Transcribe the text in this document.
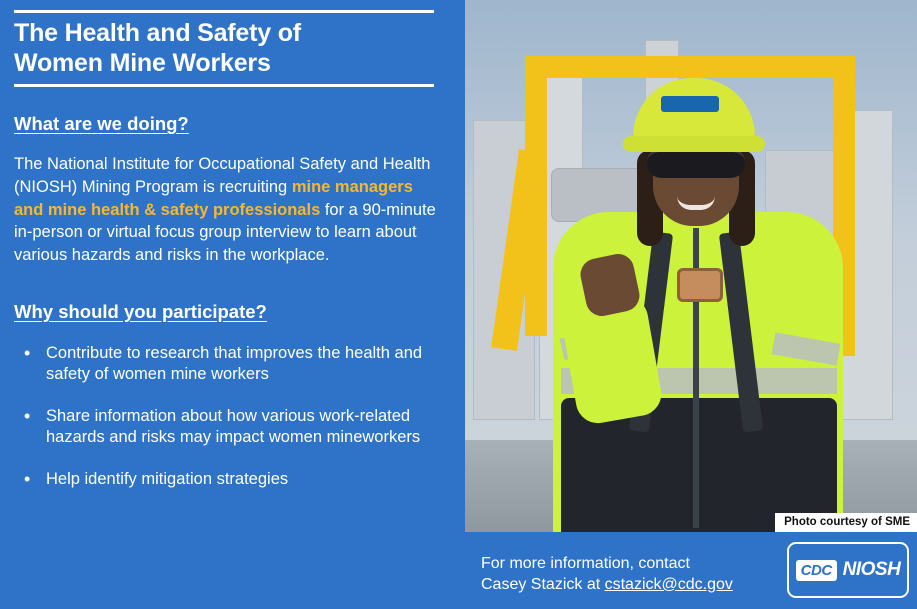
The Health and Safety of
Women Mine Workers
What are we doing?

The National Institute for Occupational Safety and Health (NIOSH) Mining Program is recruiting mine managers and mine health & safety professionals for a 90-minute in-person or virtual focus group interview to learn about various hazards and risks in the workplace.

Why should you participate?
• Contribute to research that improves the health and safety of women mine workers
• Share information about how various work-related hazards and risks may impact women mineworkers
• Help identify mitigation strategies
Photo courtesy of SME
For more information, contact
Casey Stazick at cstazick@cdc.gov
CDC NIOSH
